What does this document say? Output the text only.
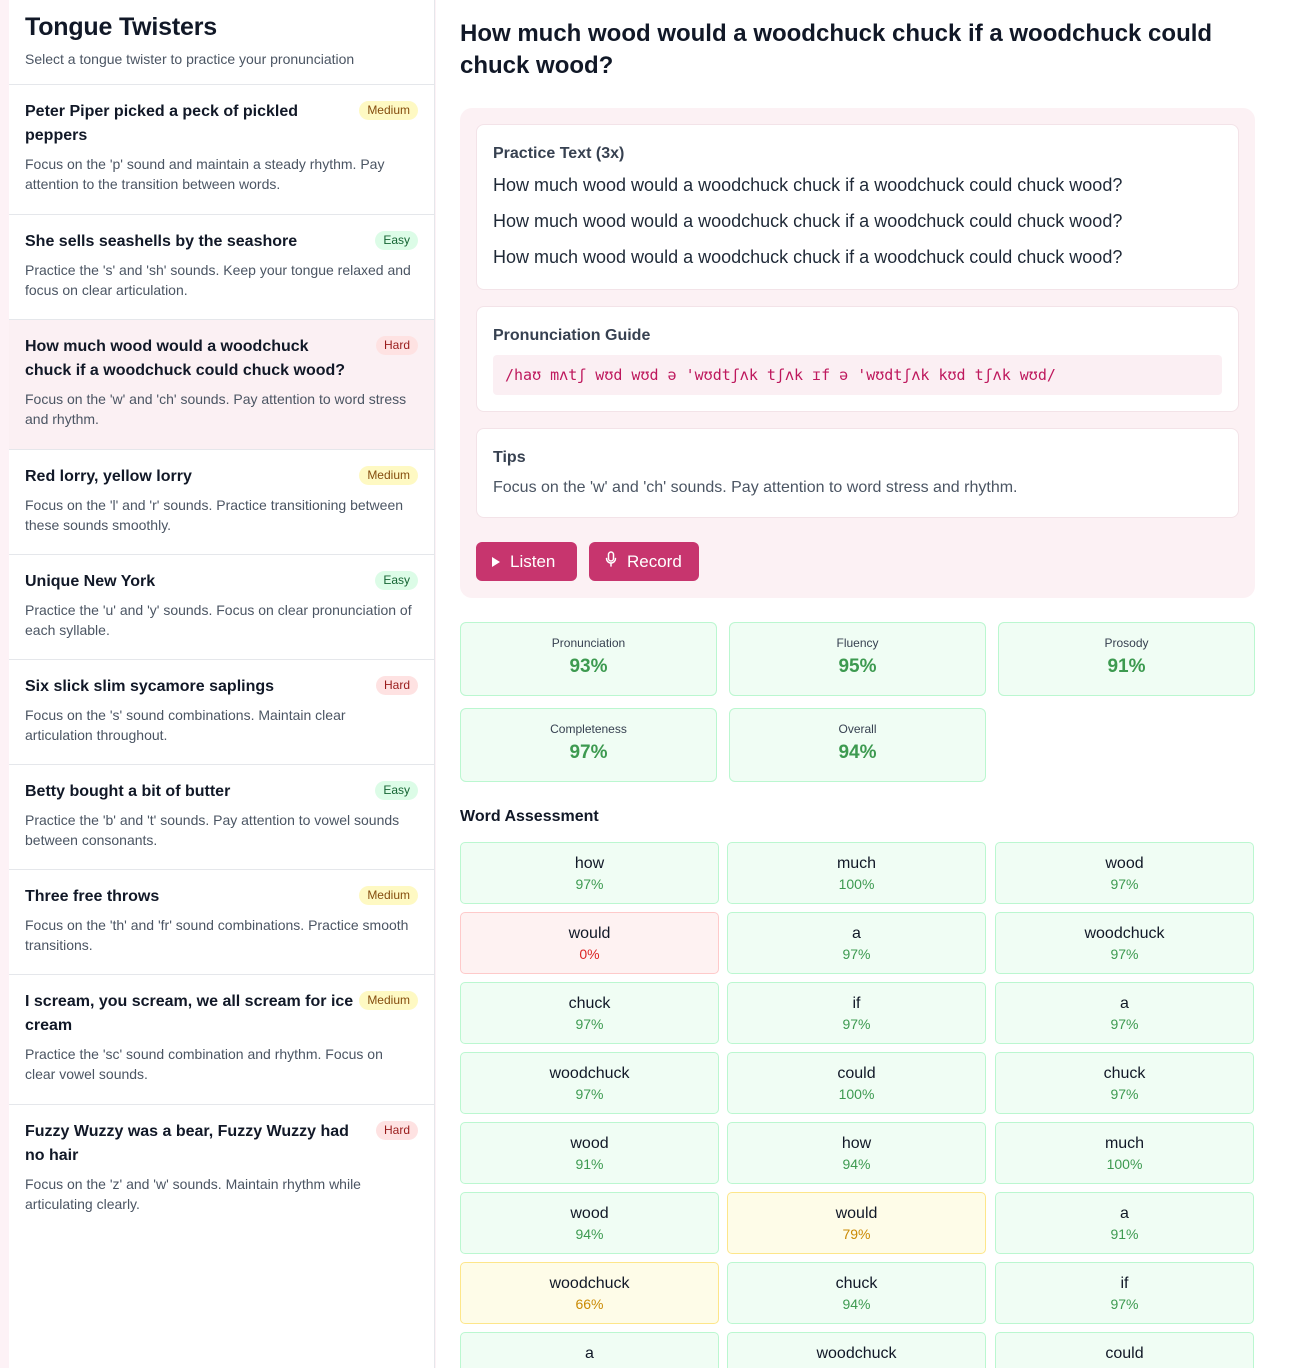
Tongue Twisters

Select a tongue twister to practice your pronunciation

Peter Piper picked a peck of pickled peppers
Medium
Focus on the 'p' sound and maintain a steady rhythm. Pay attention to the transition between words.
She sells seashells by the seashore	Easy
Practice the 's' and 'sh' sounds. Keep your tongue relaxed and focus on clear articulation.
How much wood would a woodchuck chuck if a woodchuck could chuck wood?
Hard
Focus on the 'w' and 'ch' sounds. Pay attention to word stress and rhythm.
Red lorry, yellow lorry	Medium
Focus on the 'l' and 'r' sounds. Practice transitioning between these sounds smoothly.
Unique New York	Easy
Practice the 'u' and 'y' sounds. Focus on clear pronunciation of each syllable.
Six slick slim sycamore saplings	Hard
Focus on the 's' sound combinations. Maintain clear articulation throughout.
Betty bought a bit of butter	Easy
Practice the 'b' and 't' sounds. Pay attention to vowel sounds between consonants.
Three free throws	Medium
Focus on the 'th' and 'fr' sound combinations. Practice smooth transitions.
I scream, you scream, we all scream for ice cream
Medium
Practice the 'sc' sound combination and rhythm. Focus on clear vowel sounds.
Fuzzy Wuzzy was a bear, Fuzzy Wuzzy had no hair
Hard
Focus on the 'z' and 'w' sounds. Maintain rhythm while articulating clearly.
How much wood would a woodchuck chuck if a woodchuck could chuck wood?
Practice Text (3x)
How much wood would a woodchuck chuck if a woodchuck could chuck wood?
How much wood would a woodchuck chuck if a woodchuck could chuck wood?
How much wood would a woodchuck chuck if a woodchuck could chuck wood?
Pronunciation Guide
/haʊ mʌtʃ wʊd wʊd ə 'wʊdtʃʌk tʃʌk ɪf ə 'wʊdtʃʌk kʊd tʃʌk wʊd/
Tips
Focus on the 'w' and 'ch' sounds. Pay attention to word stress and rhythm.
Listen	Record
Pronunciation
93%
Fluency
95%
Prosody
91%
Completeness
97%
Overall
94%
Word Assessment
how
97%
much
100%
wood
97%
would
0%
a
97%
woodchuck
97%
chuck
97%
if
97%
a
97%
woodchuck
97%
could
100%
chuck
97%
wood
91%
how
94%
much
100%
wood
94%
would
79%
a
91%
woodchuck
66%
chuck
94%
if
97%
a	woodchuck	could
